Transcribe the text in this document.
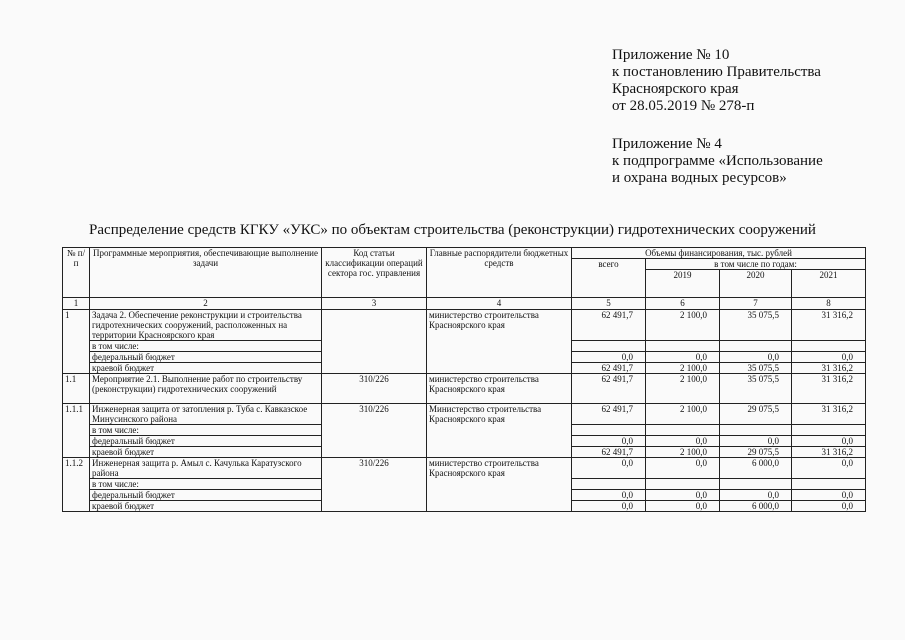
Приложение № 10
к постановлению Правительства
Красноярского края
от 28.05.2019 № 278-п
Приложение № 4
к подпрограмме «Использование
и охрана водных ресурсов»
Распределение средств КГКУ «УКС» по объектам строительства (реконструкции) гидротехнических сооружений
№ п/п	Программные мероприятия, обеспечивающие выполнение задачи	Код статьи классификации операций сектора гос. управления	Главные распорядители бюджетных средств	Объемы финансирования, тыс. рублей			
				всего	в том числе по годам:		
					2019	2020	2021
1	2	3	4	5	6	7	8
1	Задача 2. Обеспечение реконструкции и строительства гидротехнических сооружений, расположенных на территории Красноярского края		министерство строительства Красноярского края	62 491,7	2 100,0	35 075,5	31 316,2
	в том числе:						
	федеральный бюджет			0,0	0,0	0,0	0,0
	краевой бюджет			62 491,7	2 100,0	35 075,5	31 316,2
1.1	Мероприятие 2.1. Выполнение работ по строительству (реконструкции) гидротехнических сооружений	310/226	министерство строительства Красноярского края	62 491,7	2 100,0	35 075,5	31 316,2
1.1.1	Инженерная защита от затопления р. Туба с. Кавказское Минусинского района	310/226	Министерство строительства Красноярского края	62 491,7	2 100,0	29 075,5	31 316,2
	в том числе:						
	федеральный бюджет			0,0	0,0	0,0	0,0
	краевой бюджет			62 491,7	2 100,0	29 075,5	31 316,2
1.1.2	Инженерная защита р. Амыл с. Качулька Каратузского района	310/226	министерство строительства Красноярского края	0,0	0,0	6 000,0	0,0
	в том числе:						
	федеральный бюджет			0,0	0,0	0,0	0,0
	краевой бюджет			0,0	0,0	6 000,0	0,0
